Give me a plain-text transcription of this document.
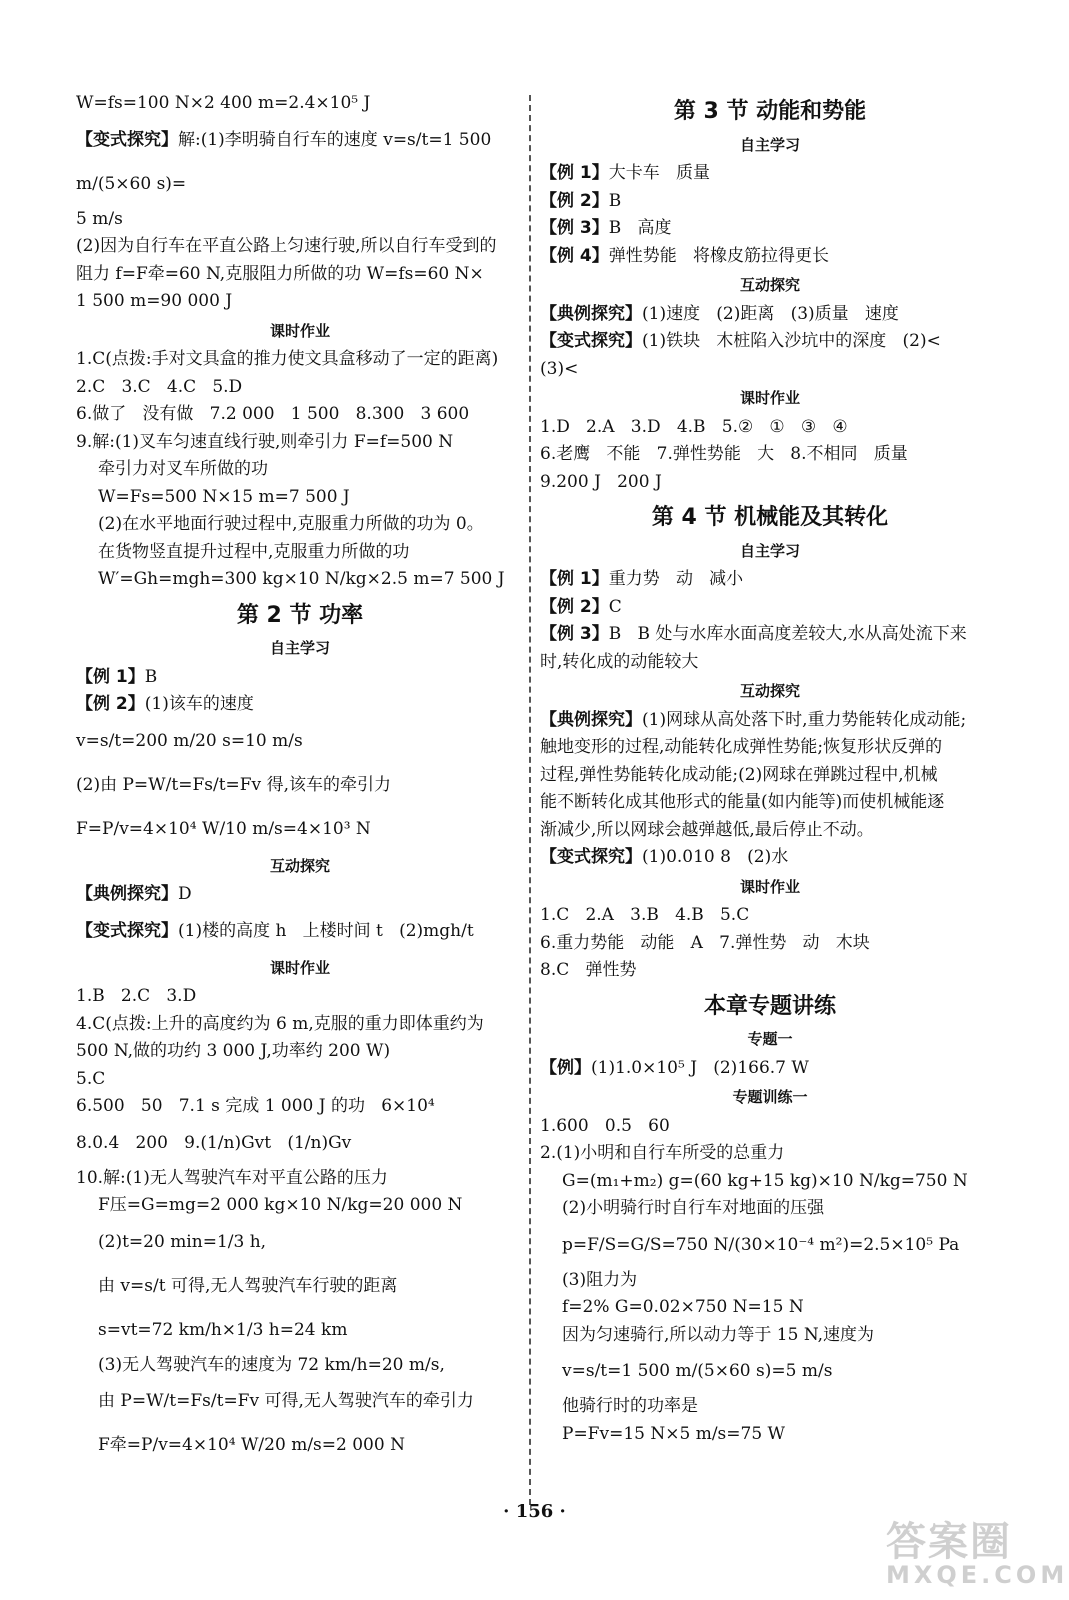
W=fs=100 N×2 400 m=2.4×10⁵ J
【变式探究】解:(1)李明骑自行车的速度 v=s/t=1 500 m/(5×60 s)=
5 m/s
(2)因为自行车在平直公路上匀速行驶,所以自行车受到的
阻力 f=F牵=60 N,克服阻力所做的功 W=fs=60 N×
1 500 m=90 000 J
课时作业
1.C(点拨:手对文具盒的推力使文具盒移动了一定的距离)
2.C   3.C   4.C   5.D
6.做了   没有做   7.2 000   1 500   8.300   3 600
9.解:(1)叉车匀速直线行驶,则牵引力 F=f=500 N
牵引力对叉车所做的功
W=Fs=500 N×15 m=7 500 J
(2)在水平地面行驶过程中,克服重力所做的功为 0。
在货物竖直提升过程中,克服重力所做的功
W′=Gh=mgh=300 kg×10 N/kg×2.5 m=7 500 J
第 2 节 功率
自主学习
【例 1】B
【例 2】(1)该车的速度
v=s/t=200 m/20 s=10 m/s
(2)由 P=W/t=Fs/t=Fv 得,该车的牵引力
F=P/v=4×10⁴ W/10 m/s=4×10³ N
互动探究
【典例探究】D
【变式探究】(1)楼的高度 h   上楼时间 t   (2)mgh/t
课时作业
1.B   2.C   3.D
4.C(点拨:上升的高度约为 6 m,克服的重力即体重约为
500 N,做的功约 3 000 J,功率约 200 W)
5.C
6.500   50   7.1 s 完成 1 000 J 的功   6×10⁴
8.0.4   200   9.(1/n)Gvt   (1/n)Gv
10.解:(1)无人驾驶汽车对平直公路的压力
F压=G=mg=2 000 kg×10 N/kg=20 000 N
(2)t=20 min=1/3 h,
由 v=s/t 可得,无人驾驶汽车行驶的距离
s=vt=72 km/h×1/3 h=24 km
(3)无人驾驶汽车的速度为 72 km/h=20 m/s,
由 P=W/t=Fs/t=Fv 可得,无人驾驶汽车的牵引力
F牵=P/v=4×10⁴ W/20 m/s=2 000 N
第 3 节 动能和势能
自主学习
【例 1】大卡车   质量
【例 2】B
【例 3】B   高度
【例 4】弹性势能   将橡皮筋拉得更长
互动探究
【典例探究】(1)速度   (2)距离   (3)质量   速度
【变式探究】(1)铁块   木桩陷入沙坑中的深度   (2)<
(3)<
课时作业
1.D   2.A   3.D   4.B   5.②   ①   ③   ④
6.老鹰   不能   7.弹性势能   大   8.不相同   质量
9.200 J   200 J
第 4 节 机械能及其转化
自主学习
【例 1】重力势   动   减小
【例 2】C
【例 3】B   B 处与水库水面高度差较大,水从高处流下来
时,转化成的动能较大
互动探究
【典例探究】(1)网球从高处落下时,重力势能转化成动能;
触地变形的过程,动能转化成弹性势能;恢复形状反弹的
过程,弹性势能转化成动能;(2)网球在弹跳过程中,机械
能不断转化成其他形式的能量(如内能等)而使机械能逐
渐减少,所以网球会越弹越低,最后停止不动。
【变式探究】(1)0.010 8   (2)水
课时作业
1.C   2.A   3.B   4.B   5.C
6.重力势能   动能   A   7.弹性势   动   木块
8.C   弹性势
本章专题讲练
专题一
【例】(1)1.0×10⁵ J   (2)166.7 W
专题训练一
1.600   0.5   60
2.(1)小明和自行车所受的总重力
G=(m₁+m₂) g=(60 kg+15 kg)×10 N/kg=750 N
(2)小明骑行时自行车对地面的压强
p=F/S=G/S=750 N/(30×10⁻⁴ m²)=2.5×10⁵ Pa
(3)阻力为
f=2% G=0.02×750 N=15 N
因为匀速骑行,所以动力等于 15 N,速度为
v=s/t=1 500 m/(5×60 s)=5 m/s
他骑行时的功率是
P=Fv=15 N×5 m/s=75 W
· 156 ·
答案圈
MXQE.COM
